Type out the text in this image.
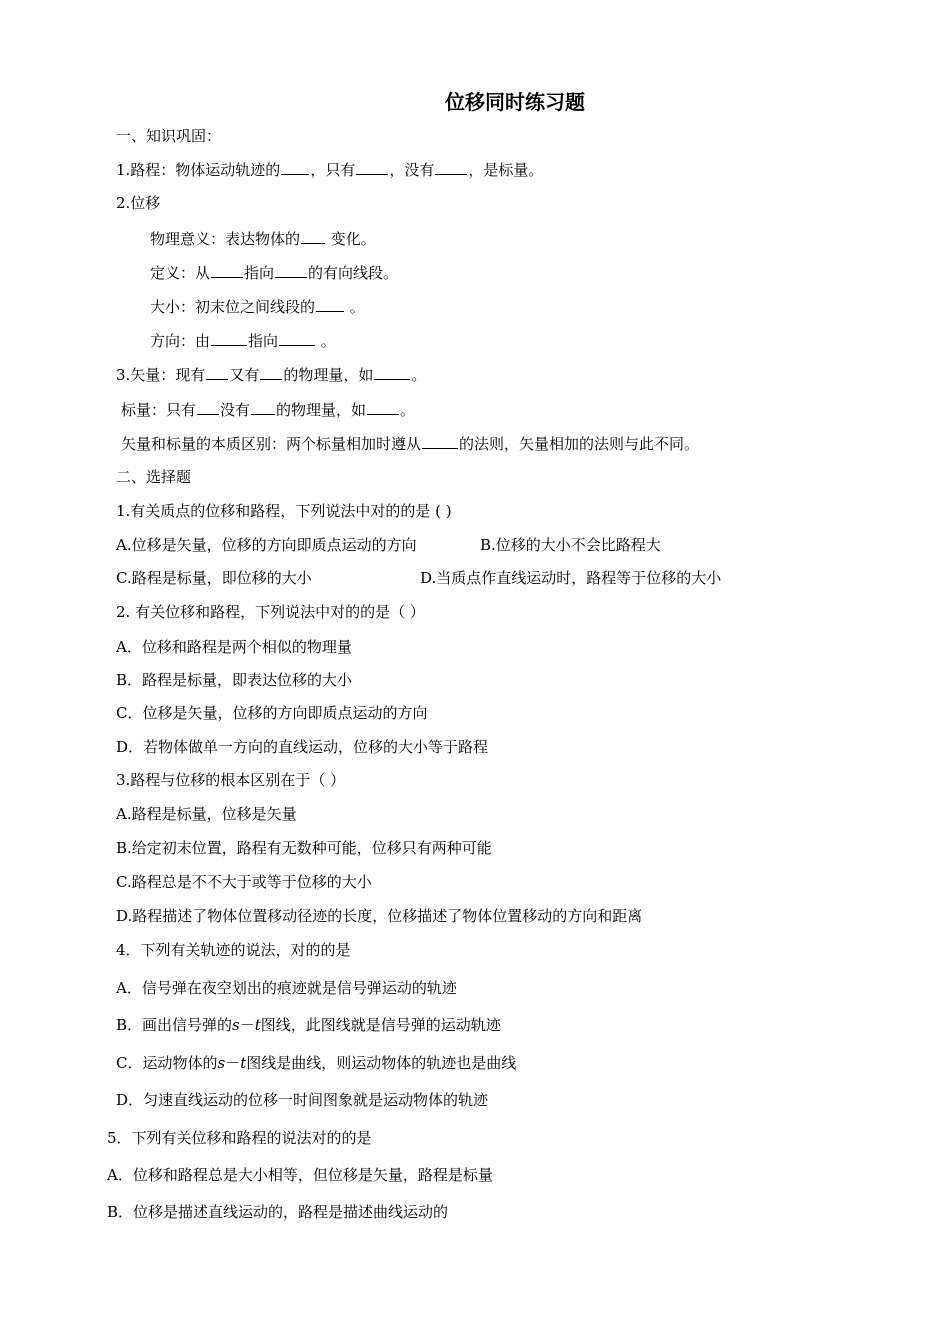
位移同时练习题
一、知识巩固：
1.路程：物体运动轨迹的 ，只有 ，没有 ，是标量。
2.位移
物理意义：表达物体的 变化。
定义：从 指向 的有向线段。
大小：初末位之间线段的 。
方向：由	指向	。
3.矢量：现有 又有 的物理量，如	。
标量：只有 没有 的物理量，如 。
矢量和标量的本质区别：两个标量相加时遵从	的法则，矢量相加的法则与此不同。
二、选择题
1.有关质点的位移和路程，下列说法中对的的是 ( )
A.位移是矢量，位移的方向即质点运动的方向	B.位移的大小不会比路程大
C.路程是标量，即位移的大小	D.当质点作直线运动时，路程等于位移的大小
2. 有关位移和路程，下列说法中对的的是（ ）
A．位移和路程是两个相似的物理量
B．路程是标量，即表达位移的大小
C．位移是矢量，位移的方向即质点运动的方向
D．若物体做单一方向的直线运动，位移的大小等于路程
3.路程与位移的根本区别在于（ ）
A.路程是标量，位移是矢量
B.给定初末位置，路程有无数种可能，位移只有两种可能
C.路程总是不不大于或等于位移的大小
D.路程描述了物体位置移动径迹的长度，位移描述了物体位置移动的方向和距离
4．下列有关轨迹的说法，对的的是
A．信号弹在夜空划出的痕迹就是信号弹运动的轨迹
B．画出信号弹的s－t图线，此图线就是信号弹的运动轨迹
C．运动物体的s－t图线是曲线，则运动物体的轨迹也是曲线
D．匀速直线运动的位移一时间图象就是运动物体的轨迹
5．下列有关位移和路程的说法对的的是
A．位移和路程总是大小相等，但位移是矢量，路程是标量
B．位移是描述直线运动的，路程是描述曲线运动的
